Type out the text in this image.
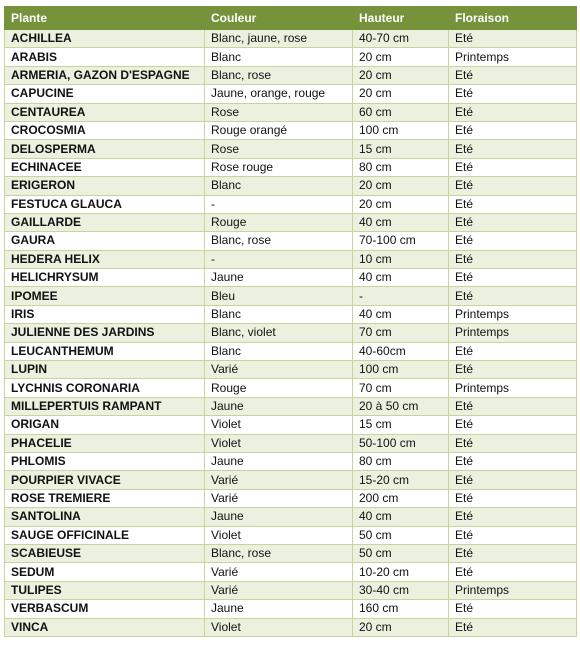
Plante	Couleur	Hauteur	Floraison
ACHILLEA	Blanc, jaune, rose	40-70 cm	Eté
ARABIS	Blanc	20 cm	Printemps
ARMERIA, GAZON D'ESPAGNE	Blanc, rose	20 cm	Eté
CAPUCINE	Jaune, orange, rouge	20 cm	Eté
CENTAUREA	Rose	60 cm	Eté
CROCOSMIA	Rouge orangé	100 cm	Eté
DELOSPERMA	Rose	15 cm	Eté
ECHINACEE	Rose rouge	80 cm	Eté
ERIGERON	Blanc	20 cm	Eté
FESTUCA GLAUCA	-	20 cm	Eté
GAILLARDE	Rouge	40 cm	Eté
GAURA	Blanc, rose	70-100 cm	Eté
HEDERA HELIX	-	10 cm	Eté
HELICHRYSUM	Jaune	40 cm	Eté
IPOMEE	Bleu	-	Eté
IRIS	Blanc	40 cm	Printemps
JULIENNE DES JARDINS	Blanc, violet	70 cm	Printemps
LEUCANTHEMUM	Blanc	40-60cm	Eté
LUPIN	Varié	100 cm	Eté
LYCHNIS CORONARIA	Rouge	70 cm	Printemps
MILLEPERTUIS RAMPANT	Jaune	20 à 50 cm	Eté
ORIGAN	Violet	15 cm	Eté
PHACELIE	Violet	50-100 cm	Eté
PHLOMIS	Jaune	80 cm	Eté
POURPIER VIVACE	Varié	15-20 cm	Eté
ROSE TREMIERE	Varié	200 cm	Eté
SANTOLINA	Jaune	40 cm	Eté
SAUGE OFFICINALE	Violet	50 cm	Eté
SCABIEUSE	Blanc, rose	50 cm	Eté
SEDUM	Varié	10-20 cm	Eté
TULIPES	Varié	30-40 cm	Printemps
VERBASCUM	Jaune	160 cm	Eté
VINCA	Violet	20 cm	Eté
